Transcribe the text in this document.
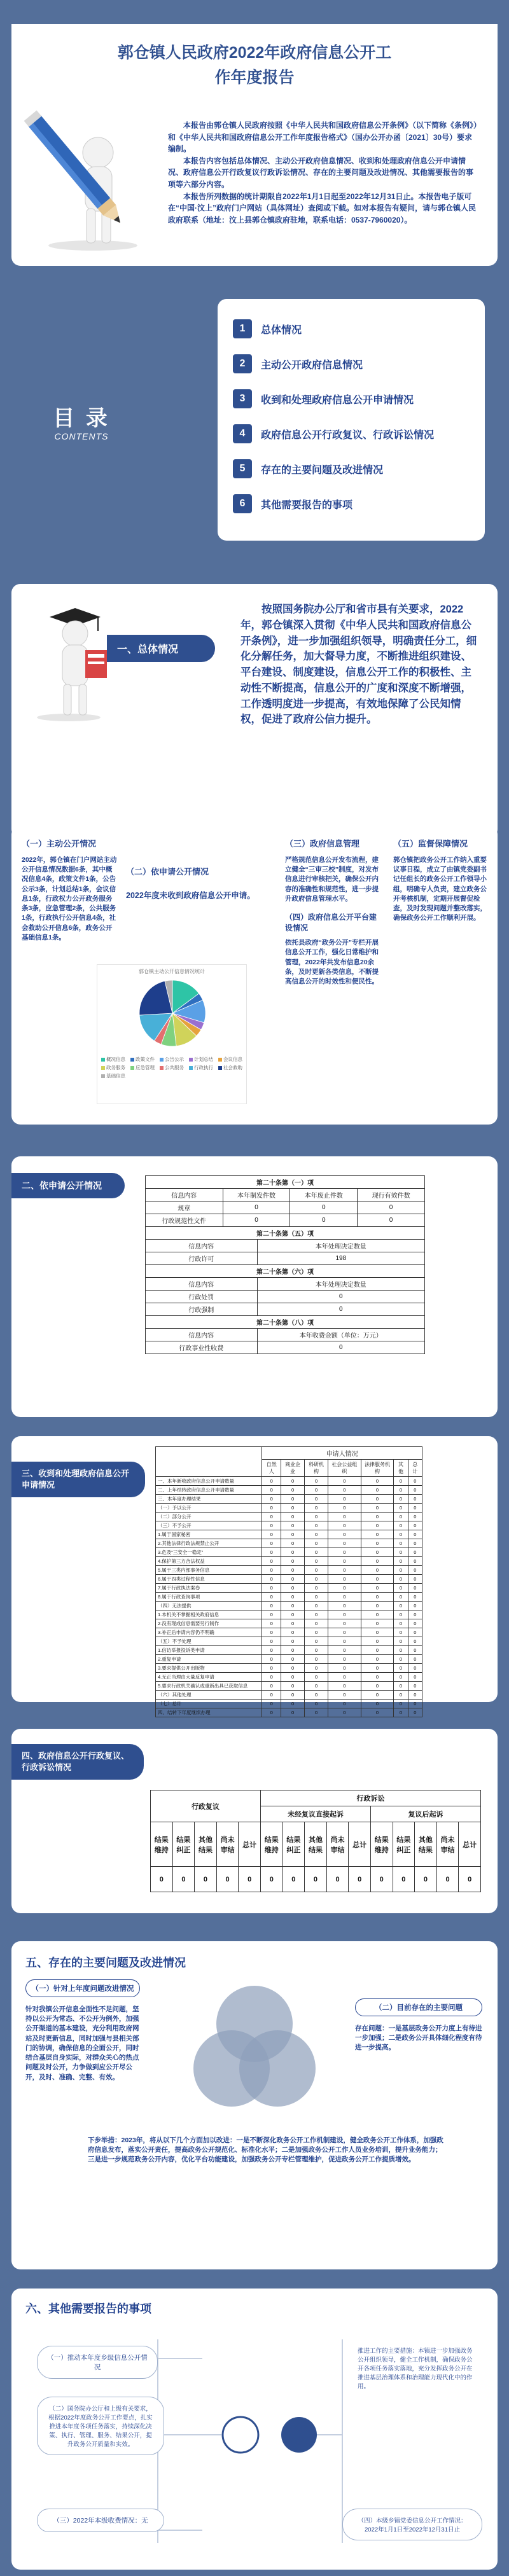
郭仓镇人民政府2022年政府信息公开工
作年度报告

本报告由郭仓镇人民政府按照《中华人民共和国政府信息公开条例》（以下简称《条例》）和《中华人民共和国政府信息公开工作年度报告格式》（国办公开办函〔2021〕30号）要求编制。

本报告内容包括总体情况、主动公开政府信息情况、收到和处理政府信息公开申请情况、政府信息公开行政复议行政诉讼情况、存在的主要问题及改进情况、其他需要报告的事项等六部分内容。

本报告所列数据的统计期限自2022年1月1日起至2022年12月31日止。本报告电子版可在“中国·汶上”政府门户网站（具体网址）查阅或下载。如对本报告有疑问，请与郭仓镇人民政府联系（地址：汶上县郭仓镇政府驻地，联系电话：0537-7960020）。

目 录
CONTENTS
1	总体情况
2	主动公开政府信息情况
3	收到和处理政府信息公开申请情况
4	政府信息公开行政复议、行政诉讼情况
5	存在的主要问题及改进情况
6	其他需要报告的事项
一、总体情况
按照国务院办公厅和省市县有关要求，2022年，郭仓镇深入贯彻《中华人民共和国政府信息公开条例》，进一步加强组织领导，明确责任分工，细化分解任务，加大督导力度，不断推进组织建设、平台建设、制度建设，信息公开工作的积极性、主动性不断提高，信息公开的广度和深度不断增强，工作透明度进一步提高，有效地保障了公民知情权，促进了政府公信力提升。
（一）主动公开情况
2022年，郭仓镇在门户网站主动公开信息情况数据6条，其中概况信息4条，政策文件1条，公告公示3条，计划总结1条，会议信息1条，行政权力公开政务服务条3条，应急管理2条，公共服务1条，行政执行公开信息4条，社会救助公开信息6条，政务公开基础信息1条。
（二）依申请公开情况
2022年度未收到政府信息公开申请。
郭仓镇主动公开信息情况统计
概况信息 政策文件 公告公示 计划总结 会议信息
政务服务 应急管理 公共服务 行政执行 社会救助
基础信息
（三）政府信息管理
严格规范信息公开发布流程，建立健全“三审三校”制度，对发布信息进行审核把关，确保公开内容的准确性和规范性，进一步提升政府信息管理水平。
（四）政府信息公开平台建设情况
依托县政府“政务公开”专栏开展信息公开工作，强化日常维护和管理，2022年共发布信息20余条，及时更新各类信息，不断提高信息公开的时效性和便民性。
（五）监督保障情况
郭仓镇把政务公开工作纳入重要议事日程，成立了由镇党委副书记任组长的政务公开工作领导小组，明确专人负责，建立政务公开考核机制，定期开展督促检查，及时发现问题并整改落实，确保政务公开工作顺利开展。
二、依申请公开情况	第二十条第（一）项			
信息内容	本年制发件数	本年废止件数	现行有效件数
规章	0	0	0
行政规范性文件	0	0	0
第二十条第（五）项	
信息内容	本年处理决定数量
行政许可	198
第二十条第（六）项	
信息内容	本年处理决定数量
行政处罚	0
行政强制	0
第二十条第（八）项	
信息内容	本年收费金额（单位：万元）
行政事业性收费	0
三、收到和处理政府信息公开申请情况
	申请人情况						
	自然人	商业企业	科研机构	社会公益组织	法律服务机构	其他	总计
一、本年新收政府信息公开申请数量	0	0	0	0	0	0	0
二、上年结转政府信息公开申请数量	0	0	0	0	0	0	0
三、本年度办理结果	0	0	0	0	0	0	0
（一）予以公开	0	0	0	0	0	0	0
（二）部分公开	0	0	0	0	0	0	0
（三）不予公开	0	0	0	0	0	0	0
1.属于国家秘密	0	0	0	0	0	0	0
2.其他法律行政法规禁止公开	0	0	0	0	0	0	0
3.危及“三安全一稳定”	0	0	0	0	0	0	0
4.保护第三方合法权益	0	0	0	0	0	0	0
5.属于三类内部事务信息	0	0	0	0	0	0	0
6.属于四类过程性信息	0	0	0	0	0	0	0
7.属于行政执法案卷	0	0	0	0	0	0	0
8.属于行政查询事项	0	0	0	0	0	0	0
（四）无法提供	0	0	0	0	0	0	0
1.本机关不掌握相关政府信息	0	0	0	0	0	0	0
2.没有现成信息需要另行制作	0	0	0	0	0	0	0
3.补正后申请内容仍不明确	0	0	0	0	0	0	0
（五）不予处理	0	0	0	0	0	0	0
1.信访举报投诉类申请	0	0	0	0	0	0	0
2.重复申请	0	0	0	0	0	0	0
3.要求提供公开出版物	0	0	0	0	0	0	0
4.无正当理由大量反复申请	0	0	0	0	0	0	0
5.要求行政机关确认或重新出具已获取信息	0	0	0	0	0	0	0
（六）其他处理	0	0	0	0	0	0	0
（七）总计	0	0	0	0	0	0	0
四、结转下年度继续办理	0	0	0	0	0	0	0
四、政府信息公开行政复议、行政诉讼情况
行政复议					行政诉讼									
					未经复议直接起诉					复议后起诉				
结果维持	结果纠正	其他结果	尚未审结	总计	结果维持	结果纠正	其他结果	尚未审结	总计	结果维持	结果纠正	其他结果	尚未审结	总计
0	0	0	0	0	0	0	0	0	0	0	0	0	0	0
五、存在的主要问题及改进情况
（一）针对上年度问题改进情况
针对我镇公开信息全面性不足问题，坚持以公开为常态、不公开为例外，加强公开渠道的基本建设，充分利用政府网站及时更新信息，同时加强与县相关部门的协调，确保信息的全面公开，同时结合基层自身实际，对群众关心的热点问题及时公开，力争做到应公开尽公开，及时、准确、完整、有效。
（二）目前存在的主要问题
存在问题：一是基层政务公开力度上有待进一步加强；二是政务公开具体细化程度有待进一步提高。
下步举措：2023年，将从以下几个方面加以改进：一是不断深化政务公开工作机制建设，健全政务公开工作体系，加强政府信息发布，落实公开责任，提高政务公开规范化、标准化水平；二是加强政务公开工作人员业务培训，提升业务能力；三是进一步规范政务公开内容，优化平台功能建设，加强政务公开专栏管理维护，促进政务公开工作提质增效。
六、其他需要报告的事项
（一）推动本年度乡级信息公开情况
（二）国务院办公厅和上级有关要求，根据2022年度政务公开工作要点，扎实推进本年度各项任务落实，持续深化决策、执行、管理、服务、结果公开，提升政务公开质量和实效。
（三）2022年本级收费情况：无
推进工作的主要措施：本镇进一步加强政务公开组织领导，健全工作机制，确保政务公开各项任务落实落地，充分发挥政务公开在推进基层治理体系和治理能力现代化中的作用。
（四）本级乡镇党委信息公开工作情况：2022年1月1日至2022年12月31日止
